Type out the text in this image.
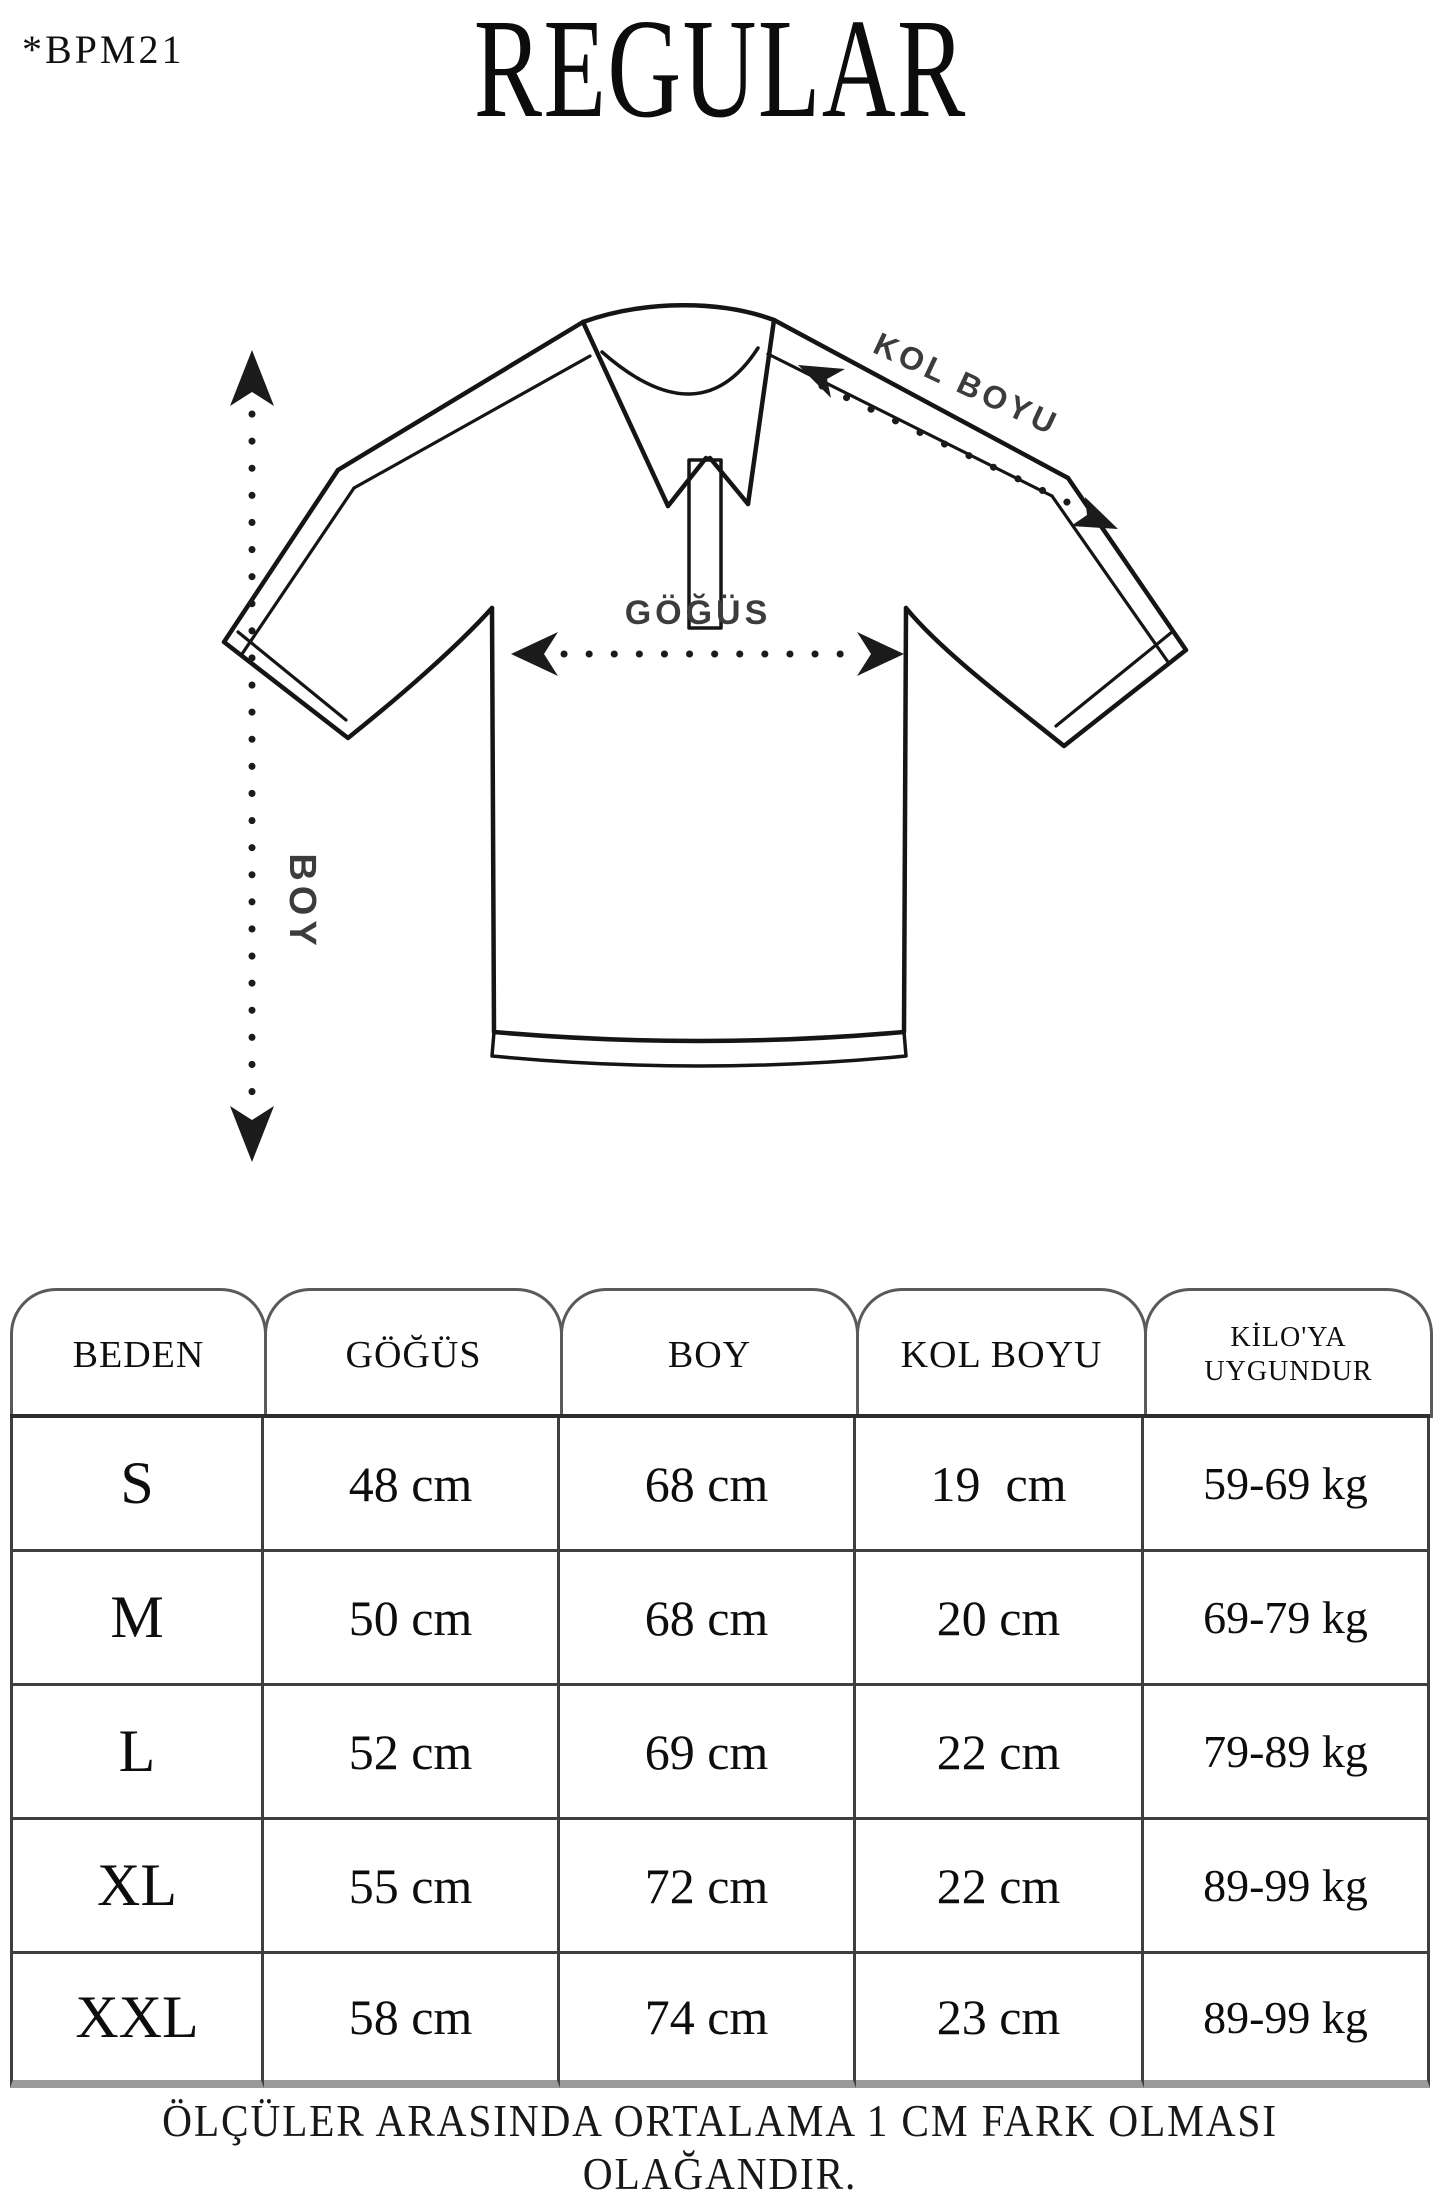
*BPM21	REGULAR
BOY
GÖĞÜS
KOL BOYU
BEDEN	GÖĞÜS	BOY	KOL BOYU	KİLO'YA UYGUNDUR
S	48 cm	68 cm	19  cm	59-69 kg
M	50 cm	68 cm	20 cm	69-79 kg
L	52 cm	69 cm	22 cm	79-89 kg
XL	55 cm	72 cm	22 cm	89-99 kg
XXL	58 cm	74 cm	23 cm	89-99 kg
ÖLÇÜLER ARASINDA ORTALAMA 1 CM FARK OLMASI OLAĞANDIR.
